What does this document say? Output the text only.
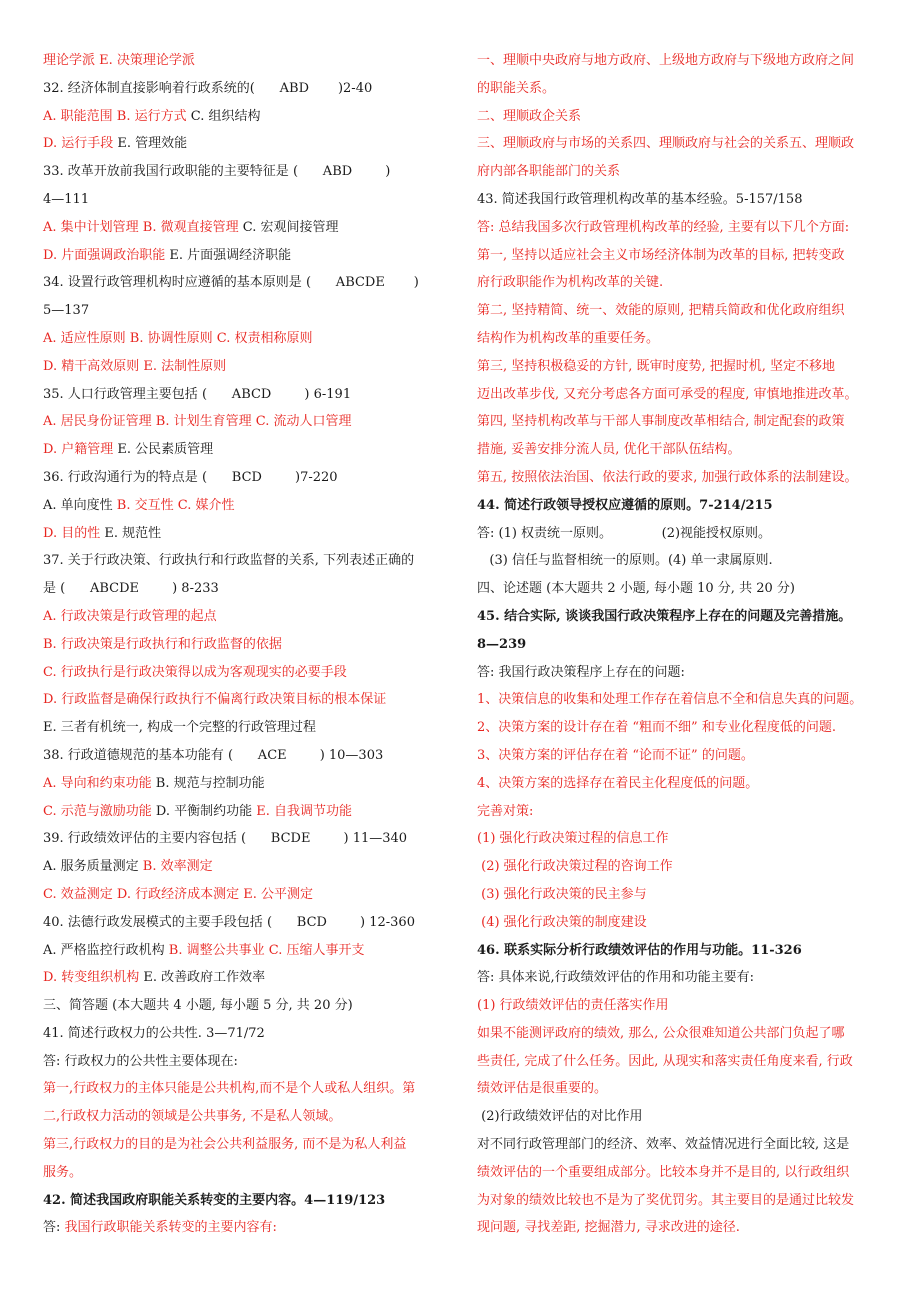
理论学派 E. 决策理论学派
32. 经济体制直接影响着行政系统的(      ABD       )2-40
A. 职能范围 B. 运行方式 C. 组织结构
D. 运行手段 E. 管理效能
33. 改革开放前我国行政职能的主要特征是 (      ABD        )
4—111
A. 集中计划管理 B. 微观直接管理 C. 宏观间接管理
D. 片面强调政治职能 E. 片面强调经济职能
34. 设置行政管理机构时应遵循的基本原则是 (      ABCDE       )
5—137
A. 适应性原则 B. 协调性原则 C. 权责相称原则
D. 精干高效原则 E. 法制性原则
35. 人口行政管理主要包括 (      ABCD        ) 6-191
A. 居民身份证管理 B. 计划生育管理 C. 流动人口管理
D. 户籍管理 E. 公民素质管理
36. 行政沟通行为的特点是 (      BCD        )7-220
A. 单向度性 B. 交互性 C. 媒介性
D. 目的性 E. 规范性
37. 关于行政决策、行政执行和行政监督的关系, 下列表述正确的
是 (      ABCDE        ) 8-233
A. 行政决策是行政管理的起点
B. 行政决策是行政执行和行政监督的依据
C. 行政执行是行政决策得以成为客观现实的必要手段
D. 行政监督是确保行政执行不偏离行政决策目标的根本保证
E. 三者有机统一, 构成一个完整的行政管理过程
38. 行政道德规范的基本功能有 (      ACE        ) 10—303
A. 导向和约束功能 B. 规范与控制功能
C. 示范与激励功能 D. 平衡制约功能 E. 自我调节功能
39. 行政绩效评估的主要内容包括 (      BCDE        ) 11—340
A. 服务质量测定 B. 效率测定
C. 效益测定 D. 行政经济成本测定 E. 公平测定
40. 法德行政发展模式的主要手段包括 (      BCD        ) 12-360
A. 严格监控行政机构 B. 调整公共事业 C. 压缩人事开支
D. 转变组织机构 E. 改善政府工作效率
三、简答题 (本大题共 4 小题, 每小题 5 分, 共 20 分)
41. 简述行政权力的公共性. 3—71/72
答: 行政权力的公共性主要体现在:
第一,行政权力的主体只能是公共机构,而不是个人或私人组织。第
二,行政权力活动的领域是公共事务, 不是私人领域。
第三,行政权力的目的是为社会公共利益服务, 而不是为私人利益
服务。
42. 简述我国政府职能关系转变的主要内容。4—119/123
答: 我国行政职能关系转变的主要内容有:
一、理顺中央政府与地方政府、上级地方政府与下级地方政府之间
的职能关系。
二、理顺政企关系
三、理顺政府与市场的关系四、理顺政府与社会的关系五、理顺政
府内部各职能部门的关系
43. 简述我国行政管理机构改革的基本经验。5-157/158
答: 总结我国多次行政管理机构改革的经验, 主要有以下几个方面:
第一, 坚持以适应社会主义市场经济体制为改革的目标, 把转变政
府行政职能作为机构改革的关键.
第二, 坚持精简、统一、效能的原则, 把精兵简政和优化政府组织
结构作为机构改革的重要任务。
第三, 坚持积极稳妥的方针, 既审时度势, 把握时机, 坚定不移地
迈出改革步伐, 又充分考虑各方面可承受的程度, 审慎地推进改革。
第四, 坚持机构改革与干部人事制度改革相结合, 制定配套的政策
措施, 妥善安排分流人员, 优化干部队伍结构。
第五, 按照依法治国、依法行政的要求, 加强行政体系的法制建设。
44. 简述行政领导授权应遵循的原则。7-214/215
答: (1) 权责统一原则。            (2)视能授权原则。
(3) 信任与监督相统一的原则。(4) 单一隶属原则.
四、论述题 (本大题共 2 小题, 每小题 10 分, 共 20 分)
45. 结合实际, 谈谈我国行政决策程序上存在的问题及完善措施。
8—239
答: 我国行政决策程序上存在的问题:
1、决策信息的收集和处理工作存在着信息不全和信息失真的问题。
2、决策方案的设计存在着 “粗而不细” 和专业化程度低的问题.
3、决策方案的评估存在着 “论而不证” 的问题。
4、决策方案的选择存在着民主化程度低的问题。
完善对策:
(1) 强化行政决策过程的信息工作
(2) 强化行政决策过程的咨询工作
(3) 强化行政决策的民主参与
(4) 强化行政决策的制度建设
46. 联系实际分析行政绩效评估的作用与功能。11-326
答: 具体来说,行政绩效评估的作用和功能主要有:
(1) 行政绩效评估的责任落实作用
如果不能测评政府的绩效, 那么, 公众很难知道公共部门负起了哪
些责任, 完成了什么任务。因此, 从现实和落实责任角度来看, 行政
绩效评估是很重要的。
(2)行政绩效评估的对比作用
对不同行政管理部门的经济、效率、效益情况进行全面比较, 这是
绩效评估的一个重要组成部分。比较本身并不是目的, 以行政组织
为对象的绩效比较也不是为了奖优罚劣。其主要目的是通过比较发
现问题, 寻找差距, 挖掘潜力, 寻求改进的途径.
